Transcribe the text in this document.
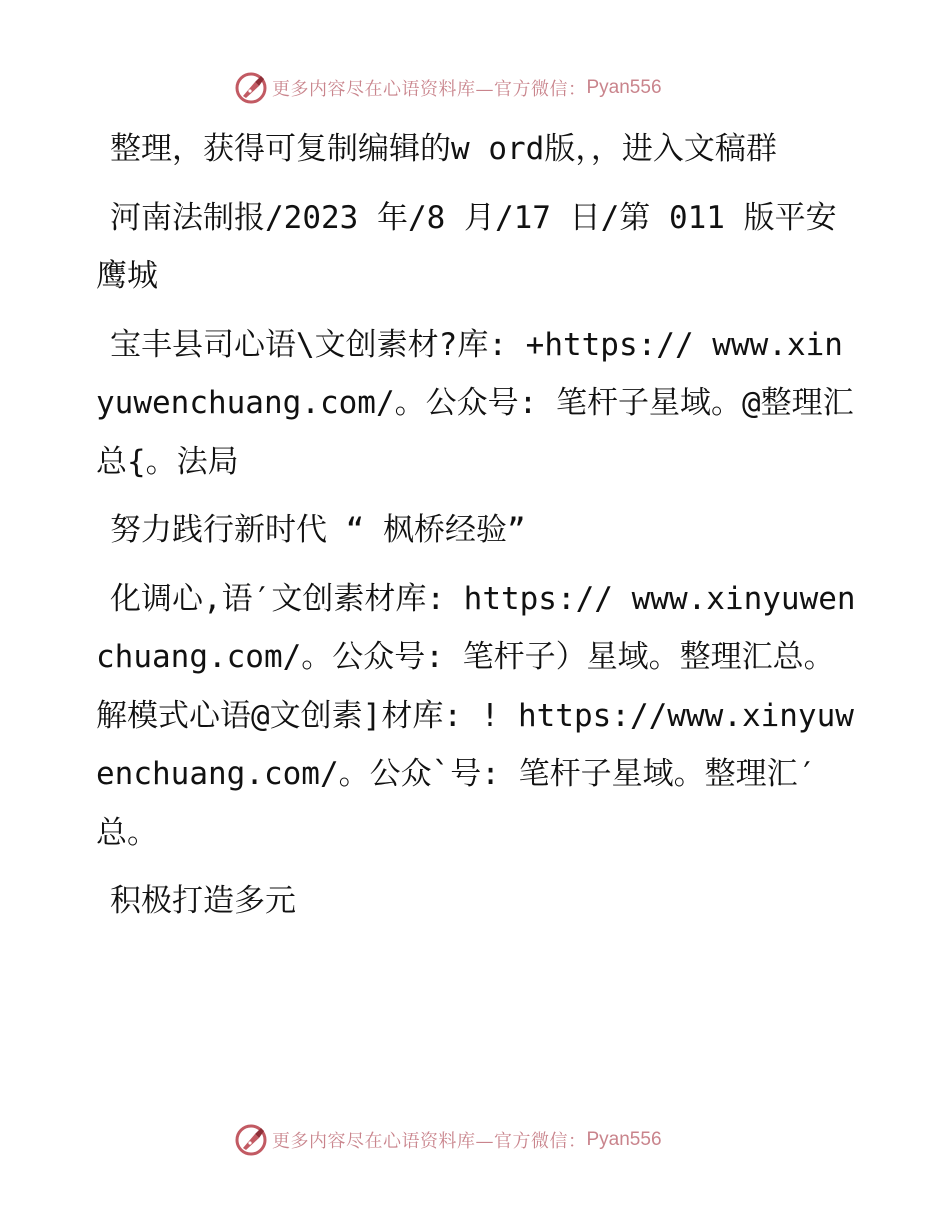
更多内容尽在心语资料库—官方微信： Pyan556

整理，获得可复制编辑的w ord版，，进入文稿群

河南法制报/2023 年/8 月/17 日/第 011 版平安鹰城

宝丰县司心语\文创素材?库: +https:// www.xinyuwenchuang.com/。公众号: 笔杆子星域。@整理汇总{。法局

努力践行新时代 “ 枫桥经验”

化调心,语′文创素材库: https:// www.xinyuwenchuang.com/。公众号: 笔杆子）星域。整理汇总。解模式心语@文创素]材库: ! https://www.xinyuwenchuang.com/。公众`号: 笔杆子星域。整理汇′总。

积极打造多元

更多内容尽在心语资料库—官方微信： Pyan556
